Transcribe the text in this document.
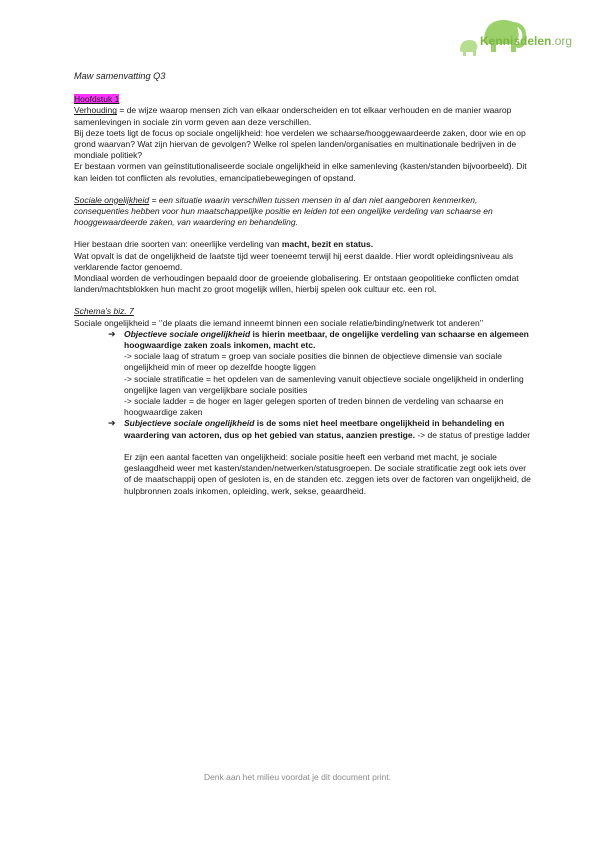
Kennisdelen.org

Maw samenvatting Q3

Hoofdstuk 1

Verhouding = de wijze waarop mensen zich van elkaar onderscheiden en tot elkaar verhouden en de manier waarop samenlevingen in sociale zin vorm geven aan deze verschillen.

Bij deze toets ligt de focus op sociale ongelijkheid: hoe verdelen we schaarse/hooggewaardeerde zaken, door wie en op grond waarvan? Wat zijn hiervan de gevolgen? Welke rol spelen landen/organisaties en multinationale bedrijven in de mondiale politiek?

Er bestaan vormen van geïnstitutionaliseerde sociale ongelijkheid in elke samenleving (kasten/standen bijvoorbeeld). Dit kan leiden tot conflicten als revoluties, emancipatiebewegingen of opstand.

Sociale ongelijkheid = een situatie waarin verschillen tussen mensen in al dan niet aangeboren kenmerken, consequenties hebben voor hun maatschappelijke positie en leiden tot een ongelijke verdeling van schaarse en hooggewaardeerde zaken, van waardering en behandeling.

Hier bestaan drie soorten van: oneerlijke verdeling van macht, bezit en status.

Wat opvalt is dat de ongelijkheid de laatste tijd weer toeneemt terwijl hij eerst daalde. Hier wordt opleidingsniveau als verklarende factor genoemd.

Mondiaal worden de verhoudingen bepaald door de groeiende globalisering. Er ontstaan geopolitieke conflicten omdat landen/machtsblokken hun macht zo groot mogelijk willen, hierbij spelen ook cultuur etc. een rol.

Schema’s biz. 7

Sociale ongelijkheid = ‘’de plaats die iemand inneemt binnen een sociale relatie/binding/netwerk tot anderen’’

➔ Objectieve sociale ongelijkheid is hierin meetbaar, de ongelijke verdeling van schaarse en algemeen hoogwaardige zaken zoals inkomen, macht etc.

-> sociale laag of stratum = groep van sociale posities die binnen de objectieve dimensie van sociale ongelijkheid min of meer op dezelfde hoogte liggen

-> sociale stratificatie = het opdelen van de samenleving vanuit objectieve sociale ongelijkheid in onderling ongelijke lagen van vergelijkbare sociale posities

-> sociale ladder = de hoger en lager gelegen sporten of treden binnen de verdeling van schaarse en hoogwaardige zaken

➔ Subjectieve sociale ongelijkheid is de soms niet heel meetbare ongelijkheid in behandeling en waardering van actoren, dus op het gebied van status, aanzien prestige. -> de status of prestige ladder

Er zijn een aantal facetten van ongelijkheid: sociale positie heeft een verband met macht, je sociale geslaagdheid weer met kasten/standen/netwerken/statusgroepen. De sociale stratificatie zegt ook iets over of de maatschappij open of gesloten is, en de standen etc. zeggen iets over de factoren van ongelijkheid, de hulpbronnen zoals inkomen, opleiding, werk, sekse, geaardheid.

Denk aan het milieu voordat je dit document print.
